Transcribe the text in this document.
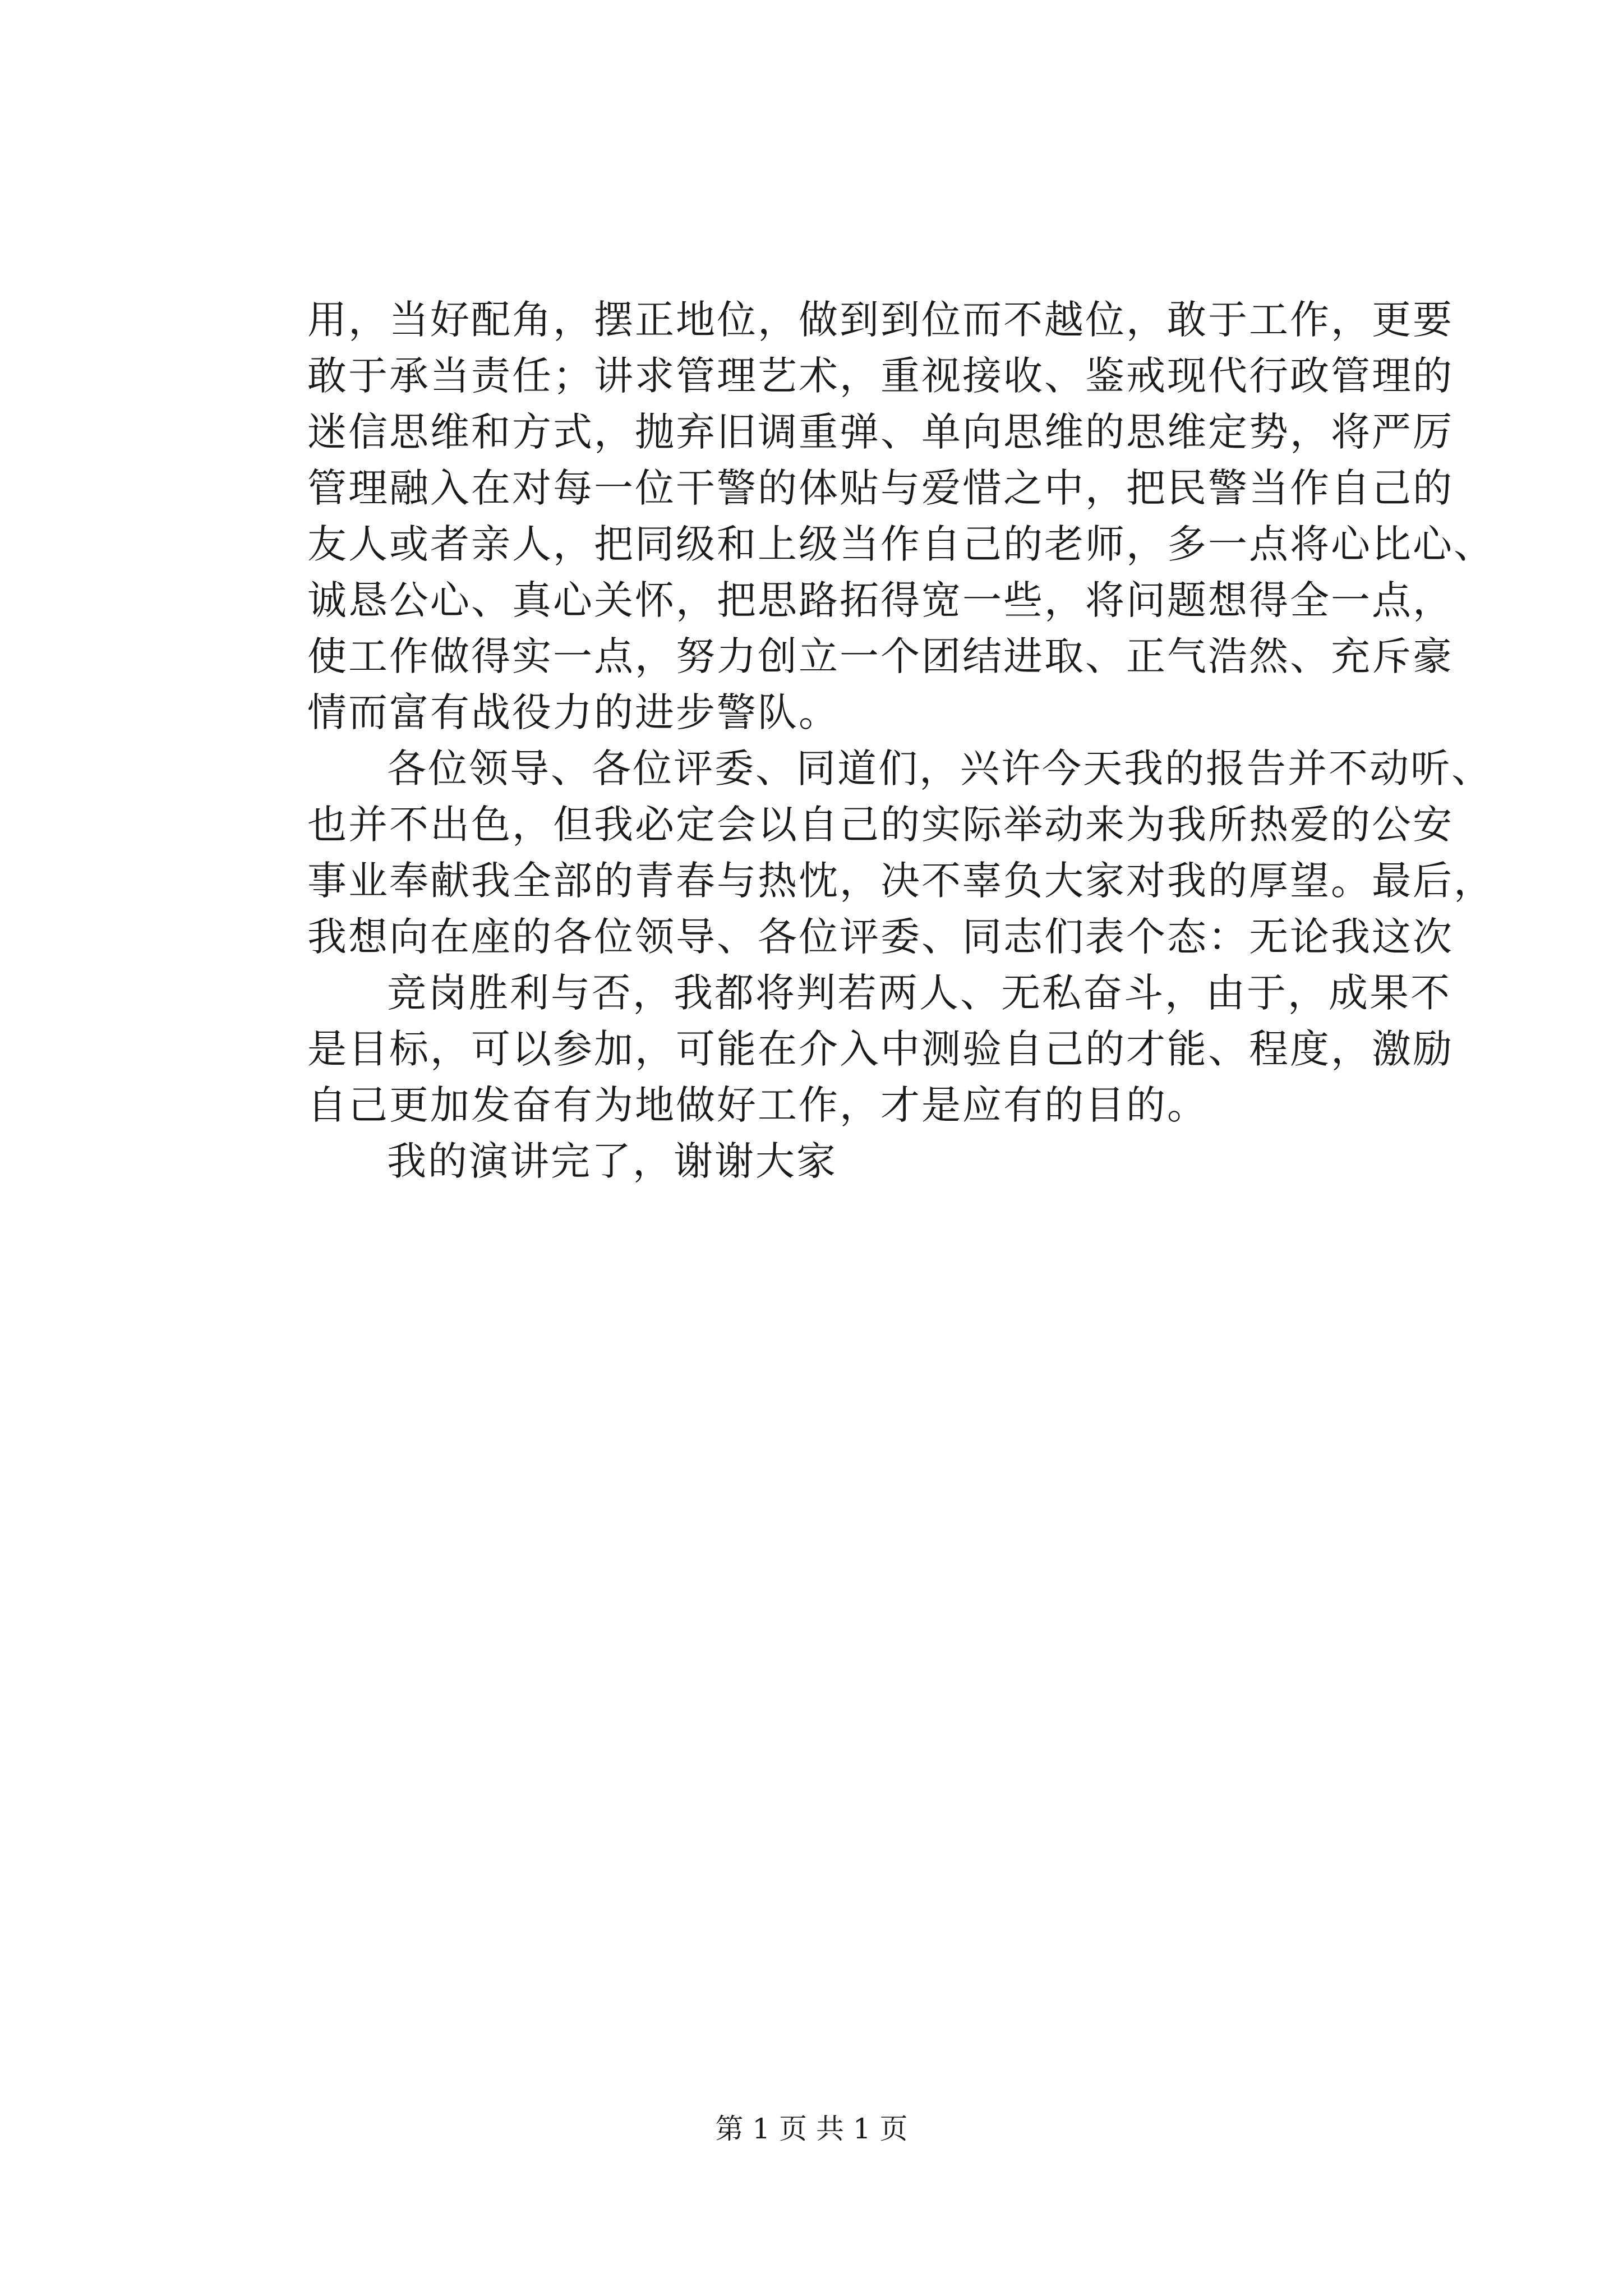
用，当好配角，摆正地位，做到到位而不越位，敢于工作，更要
敢于承当责任；讲求管理艺术，重视接收、鉴戒现代行政管理的
迷信思维和方式，抛弃旧调重弹、单向思维的思维定势，将严厉
管理融入在对每一位干警的体贴与爱惜之中，把民警当作自己的
友人或者亲人，把同级和上级当作自己的老师，多一点将心比心、
诚恳公心、真心关怀，把思路拓得宽一些，将问题想得全一点，
使工作做得实一点，努力创立一个团结进取、正气浩然、充斥豪
情而富有战役力的进步警队。
各位领导、各位评委、同道们，兴许今天我的报告并不动听、
也并不出色，但我必定会以自己的实际举动来为我所热爱的公安
事业奉献我全部的青春与热忱，决不辜负大家对我的厚望。最后，
我想向在座的各位领导、各位评委、同志们表个态：无论我这次
竞岗胜利与否，我都将判若两人、无私奋斗，由于，成果不
是目标，可以参加，可能在介入中测验自己的才能、程度，激励
自己更加发奋有为地做好工作，才是应有的目的。
我的演讲完了，谢谢大家
第 1 页 共 1 页
